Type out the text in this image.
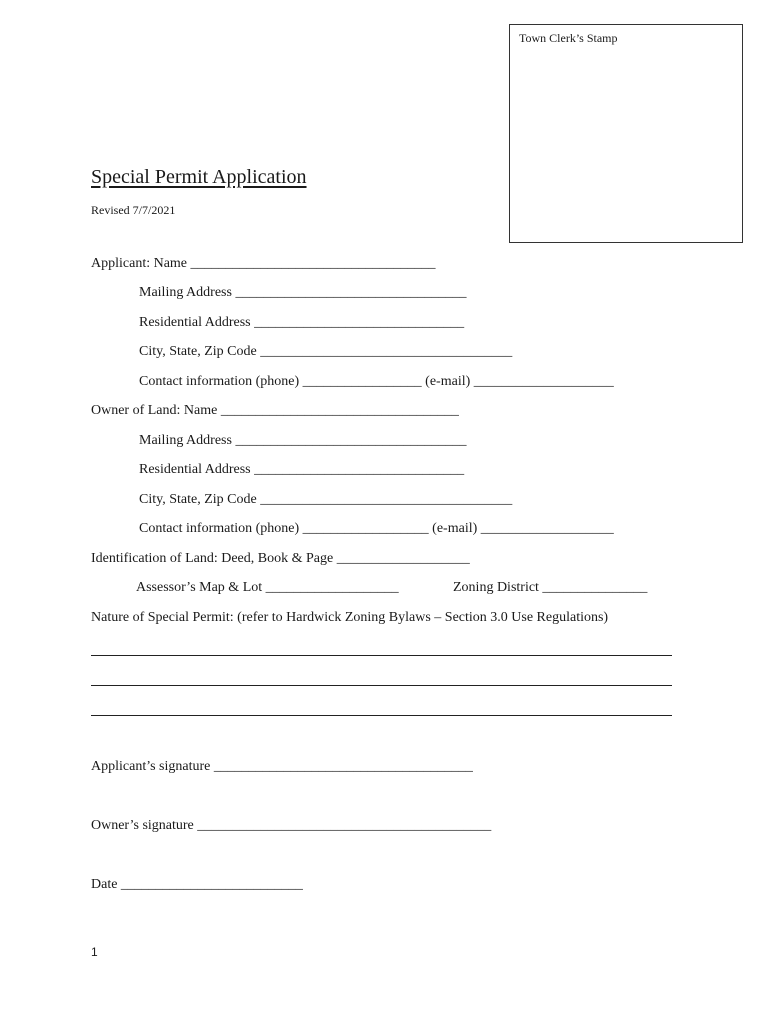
Town Clerk’s Stamp
Special Permit Application
Revised 7/7/2021
Applicant: Name ___________________________________
Mailing Address _________________________________
Residential Address ______________________________
City, State, Zip Code ____________________________________
Contact information (phone) _________________ (e-mail) ____________________
Owner of Land: Name __________________________________
Mailing Address _________________________________
Residential Address ______________________________
City, State, Zip Code ____________________________________
Contact information (phone) __________________ (e-mail) ___________________
Identification of Land: Deed, Book & Page ___________________
Assessor’s Map & Lot ___________________	Zoning District _______________
Nature of Special Permit: (refer to Hardwick Zoning Bylaws – Section 3.0 Use Regulations)
Applicant’s signature _____________________________________
Owner’s signature __________________________________________
Date __________________________
1
